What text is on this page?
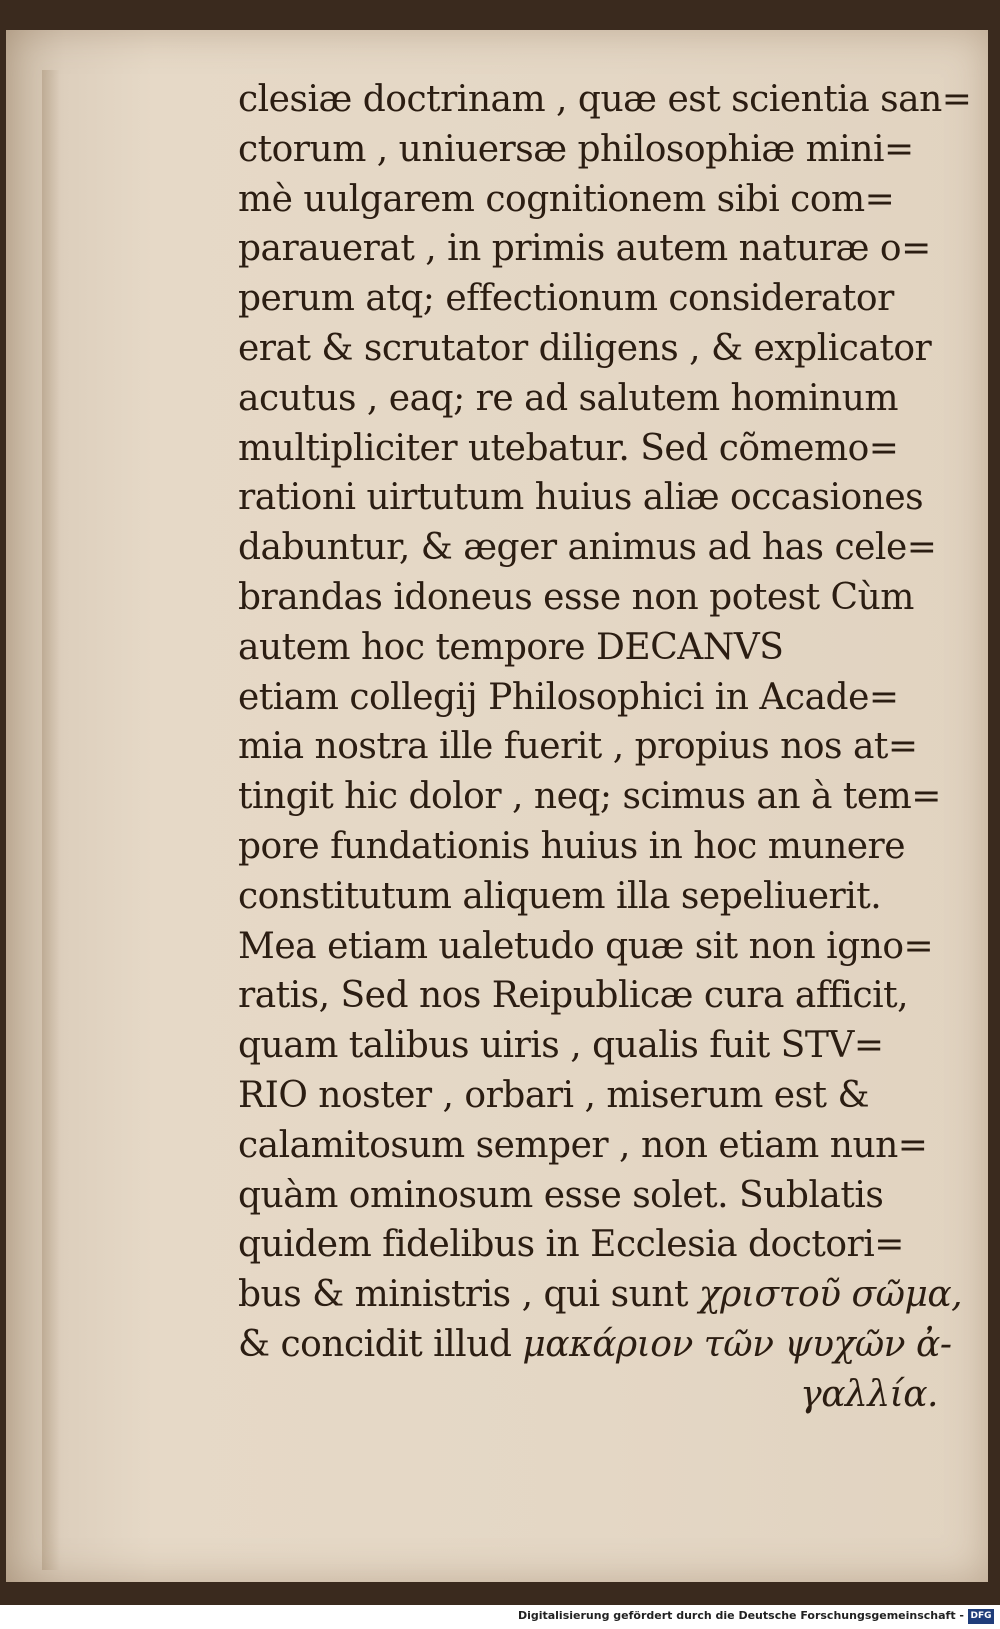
clesiæ doctrinam , quæ est scientia san=
ctorum , uniuersæ philosophiæ mini=
mè uulgarem cognitionem sibi com=
parauerat , in primis autem naturæ o=
perum atq; effectionum considerator
erat & scrutator diligens , & explicator
acutus , eaq; re ad salutem hominum
multipliciter utebatur. Sed cõmemo=
rationi uirtutum huius aliæ occasiones
dabuntur, & æger animus ad has cele=
brandas idoneus esse non potest Cùm
autem hoc tempore DECANVS
etiam collegij Philosophici in Acade=
mia nostra ille fuerit , propius nos at=
tingit hic dolor , neq; scimus an à tem=
pore fundationis huius in hoc munere
constitutum aliquem illa sepeliuerit.
Mea etiam ualetudo quæ sit non igno=
ratis, Sed nos Reipublicæ cura afficit,
quam talibus uiris , qualis fuit STV=
RIO noster , orbari , miserum est &
calamitosum semper , non etiam nun=
quàm ominosum esse solet. Sublatis
quidem fidelibus in Ecclesia doctori=
bus & ministris , qui sunt χριστοῦ σῶμα,
& concidit illud μακάριον τῶν ψυχῶν ἀ-
γαλλία.
Digitalisierung gefördert durch die Deutsche Forschungsgemeinschaft - DFG
